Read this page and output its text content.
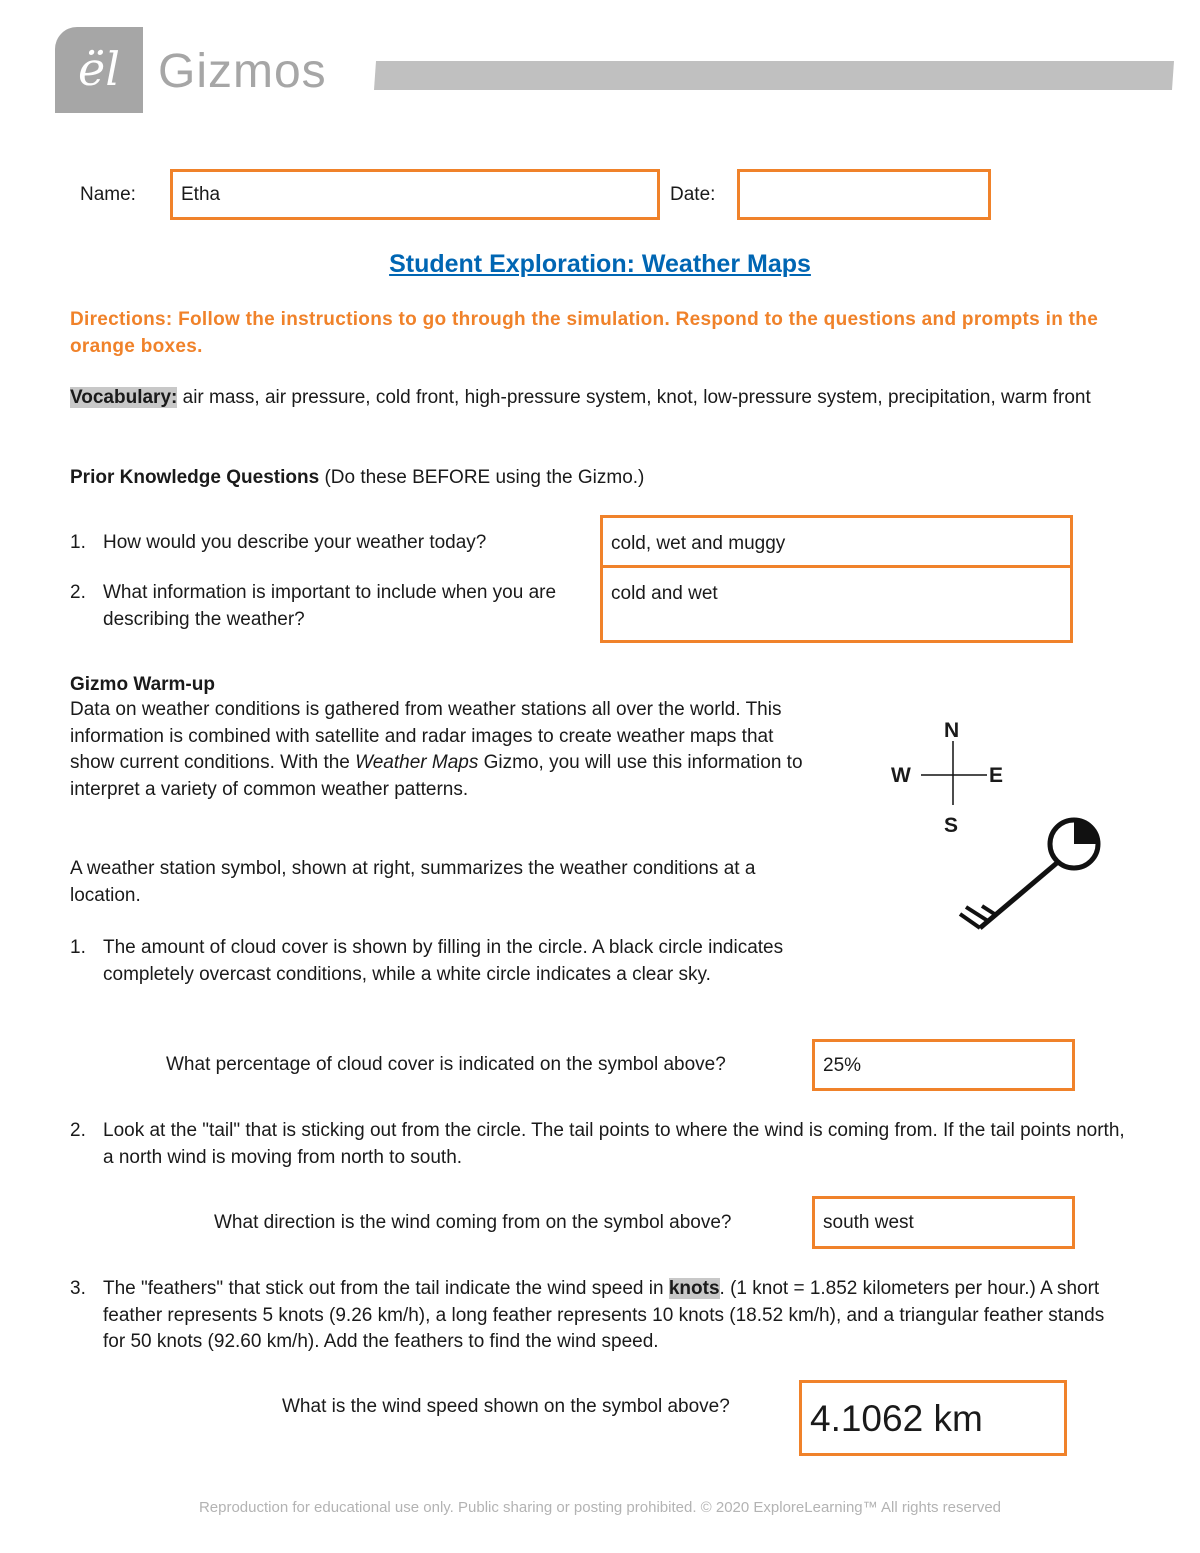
ël Gizmos
Name: Etha	Date:
Student Exploration: Weather Maps
Directions: Follow the instructions to go through the simulation. Respond to the questions and prompts in the orange boxes.
Vocabulary: air mass, air pressure, cold front, high-pressure system, knot, low-pressure system, precipitation, warm front
Prior Knowledge Questions (Do these BEFORE using the Gizmo.)
1. How would you describe your weather today?	cold, wet and muggy
2. What information is important to include when you are describing the weather?
cold and wet
Gizmo Warm-up
Data on weather conditions is gathered from weather stations all over the world. This information is combined with satellite and radar images to create weather maps that show current conditions. With the Weather Maps Gizmo, you will use this information to interpret a variety of common weather patterns.
A weather station symbol, shown at right, summarizes the weather conditions at a location.
N
S
E
W
1. The amount of cloud cover is shown by filling in the circle. A black circle indicates completely overcast conditions, while a white circle indicates a clear sky.
What percentage of cloud cover is indicated on the symbol above?	25%
2. Look at the "tail" that is sticking out from the circle. The tail points to where the wind is coming from. If the tail points north, a north wind is moving from north to south.
What direction is the wind coming from on the symbol above?	south west
3. The "feathers" that stick out from the tail indicate the wind speed in knots. (1 knot = 1.852 kilometers per hour.) A short feather represents 5 knots (9.26 km/h), a long feather represents 10 knots (18.52 km/h), and a triangular feather stands for 50 knots (92.60 km/h). Add the feathers to find the wind speed.
What is the wind speed shown on the symbol above? 4.1062 km
Reproduction for educational use only. Public sharing or posting prohibited. © 2020 ExploreLearning™ All rights reserved
